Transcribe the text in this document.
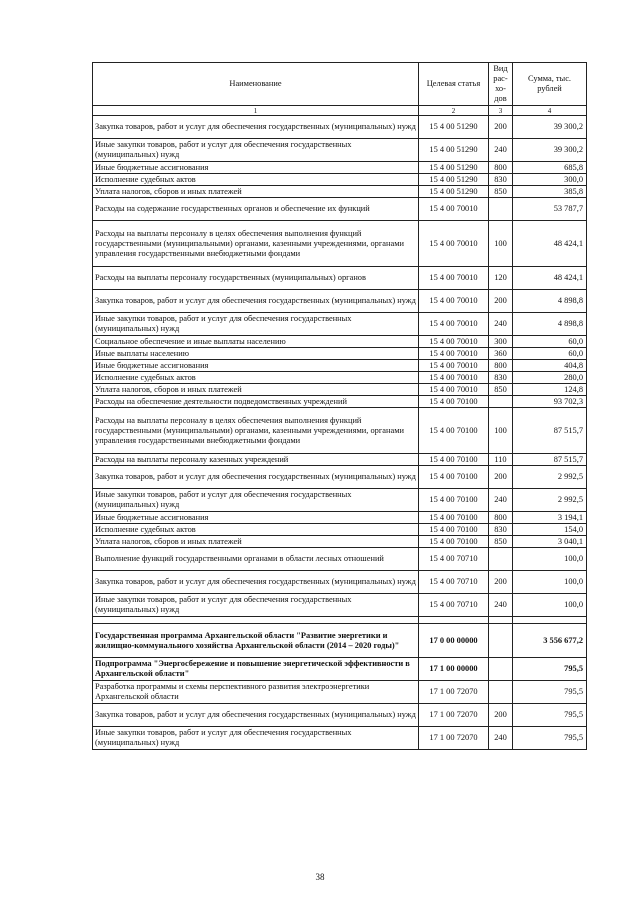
Наименование	Целевая статья	Вид рас-хо-дов	Сумма, тыс. рублей
1	2	3	4
Закупка товаров, работ и услуг для обеспечения государственных (муниципальных) нужд	15 4 00 51290	200	39 300,2
Иные закупки товаров, работ и услуг для обеспечения государственных (муниципальных) нужд	15 4 00 51290	240	39 300,2
Иные бюджетные ассигнования	15 4 00 51290	800	685,8
Исполнение судебных актов	15 4 00 51290	830	300,0
Уплата налогов, сборов и иных платежей	15 4 00 51290	850	385,8
Расходы на содержание государственных органов и обеспечение их функций	15 4 00 70010		53 787,7
Расходы на выплаты персоналу в целях обеспечения выполнения функций государственными (муниципальными) органами, казенными учреждениями, органами управления государственными внебюджетными фондами	15 4 00 70010	100	48 424,1
Расходы на выплаты персоналу государственных (муниципальных) органов	15 4 00 70010	120	48 424,1
Закупка товаров, работ и услуг для обеспечения государственных (муниципальных) нужд	15 4 00 70010	200	4 898,8
Иные закупки товаров, работ и услуг для обеспечения государственных (муниципальных) нужд	15 4 00 70010	240	4 898,8
Социальное обеспечение и иные выплаты населению	15 4 00 70010	300	60,0
Иные выплаты населению	15 4 00 70010	360	60,0
Иные бюджетные ассигнования	15 4 00 70010	800	404,8
Исполнение судебных актов	15 4 00 70010	830	280,0
Уплата налогов, сборов и иных платежей	15 4 00 70010	850	124,8
Расходы на обеспечение деятельности подведомственных учреждений	15 4 00 70100		93 702,3
Расходы на выплаты персоналу в целях обеспечения выполнения функций государственными (муниципальными) органами, казенными учреждениями, органами управления государственными внебюджетными фондами	15 4 00 70100	100	87 515,7
Расходы на выплаты персоналу казенных учреждений	15 4 00 70100	110	87 515,7
Закупка товаров, работ и услуг для обеспечения государственных (муниципальных) нужд	15 4 00 70100	200	2 992,5
Иные закупки товаров, работ и услуг для обеспечения государственных (муниципальных) нужд	15 4 00 70100	240	2 992,5
Иные бюджетные ассигнования	15 4 00 70100	800	3 194,1
Исполнение судебных актов	15 4 00 70100	830	154,0
Уплата налогов, сборов и иных платежей	15 4 00 70100	850	3 040,1
Выполнение функций государственными органами в области лесных отношений	15 4 00 70710		100,0
Закупка товаров, работ и услуг для обеспечения государственных (муниципальных) нужд	15 4 00 70710	200	100,0
Иные закупки товаров, работ и услуг для обеспечения государственных (муниципальных) нужд	15 4 00 70710	240	100,0

Государственная программа Архангельской области "Развитие энергетики и жилищно-коммунального хозяйства Архангельской области (2014 – 2020 годы)"	17 0 00 00000		3 556 677,2
Подпрограмма "Энергосбережение и повышение энергетической эффективности в Архангельской области"	17 1 00 00000		795,5
Разработка программы и схемы перспективного развития электроэнергетики Архангельской области	17 1 00 72070		795,5
Закупка товаров, работ и услуг для обеспечения государственных (муниципальных) нужд	17 1 00 72070	200	795,5
Иные закупки товаров, работ и услуг для обеспечения государственных (муниципальных) нужд	17 1 00 72070	240	795,5
38
